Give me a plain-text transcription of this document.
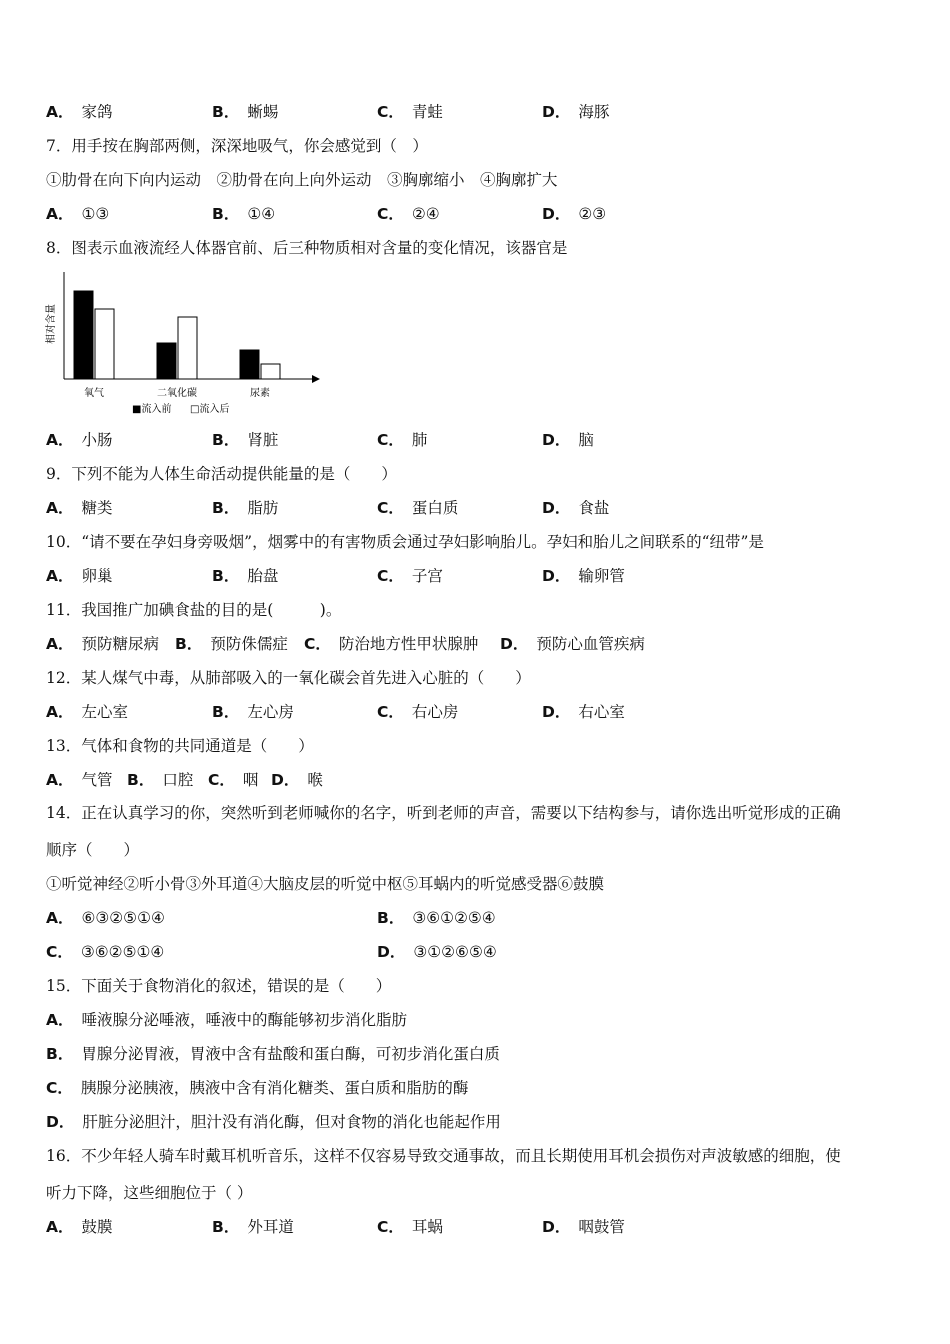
A． 家鸽	B． 蜥蜴	C． 青蛙	D． 海豚
7．用手按在胸部两侧，深深地吸气，你会感觉到（　）
①肋骨在向下向内运动　②肋骨在向上向外运动　③胸廓缩小　④胸廓扩大
A． ①③	B． ①④	C． ②④	D． ②③
8．图表示血液流经人体器官前、后三种物质相对含量的变化情况，该器官是
相对含量
氧气	二氧化碳	尿素
■流入前 □流入后
A． 小肠	B． 肾脏	C． 肺	D． 脑
9．下列不能为人体生命活动提供能量的是（　　）
A． 糖类	B． 脂肪	C． 蛋白质	D． 食盐
10．“请不要在孕妇身旁吸烟”，烟雾中的有害物质会通过孕妇影响胎儿。孕妇和胎儿之间联系的“纽带”是
A． 卵巢	B． 胎盘	C． 子宫	D． 输卵管
11．我国推广加碘食盐的目的是(　　　)。
A． 预防糖尿病 B． 预防侏儒症 C． 防治地方性甲状腺肿 D． 预防心血管疾病
12．某人煤气中毒，从肺部吸入的一氧化碳会首先进入心脏的（　　）
A． 左心室	B． 左心房	C． 右心房	D． 右心室
13．气体和食物的共同通道是（　　）
A． 气管 B． 口腔 C． 咽 D． 喉
14．正在认真学习的你，突然听到老师喊你的名字，听到老师的声音，需要以下结构参与，请你选出听觉形成的正确
顺序（　　）
①听觉神经②听小骨③外耳道④大脑皮层的听觉中枢⑤耳蜗内的听觉感受器⑥鼓膜
A． ⑥③②⑤①④	B． ③⑥①②⑤④
C． ③⑥②⑤①④	D． ③①②⑥⑤④
15．下面关于食物消化的叙述，错误的是（　　）
A． 唾液腺分泌唾液，唾液中的酶能够初步消化脂肪
B． 胃腺分泌胃液，胃液中含有盐酸和蛋白酶，可初步消化蛋白质
C． 胰腺分泌胰液，胰液中含有消化糖类、蛋白质和脂肪的酶
D． 肝脏分泌胆汁，胆汁没有消化酶，但对食物的消化也能起作用
16．不少年轻人骑车时戴耳机听音乐，这样不仅容易导致交通事故，而且长期使用耳机会损伤对声波敏感的细胞，使
听力下降，这些细胞位于（ ）
A． 鼓膜	B． 外耳道	C． 耳蜗	D． 咽鼓管
